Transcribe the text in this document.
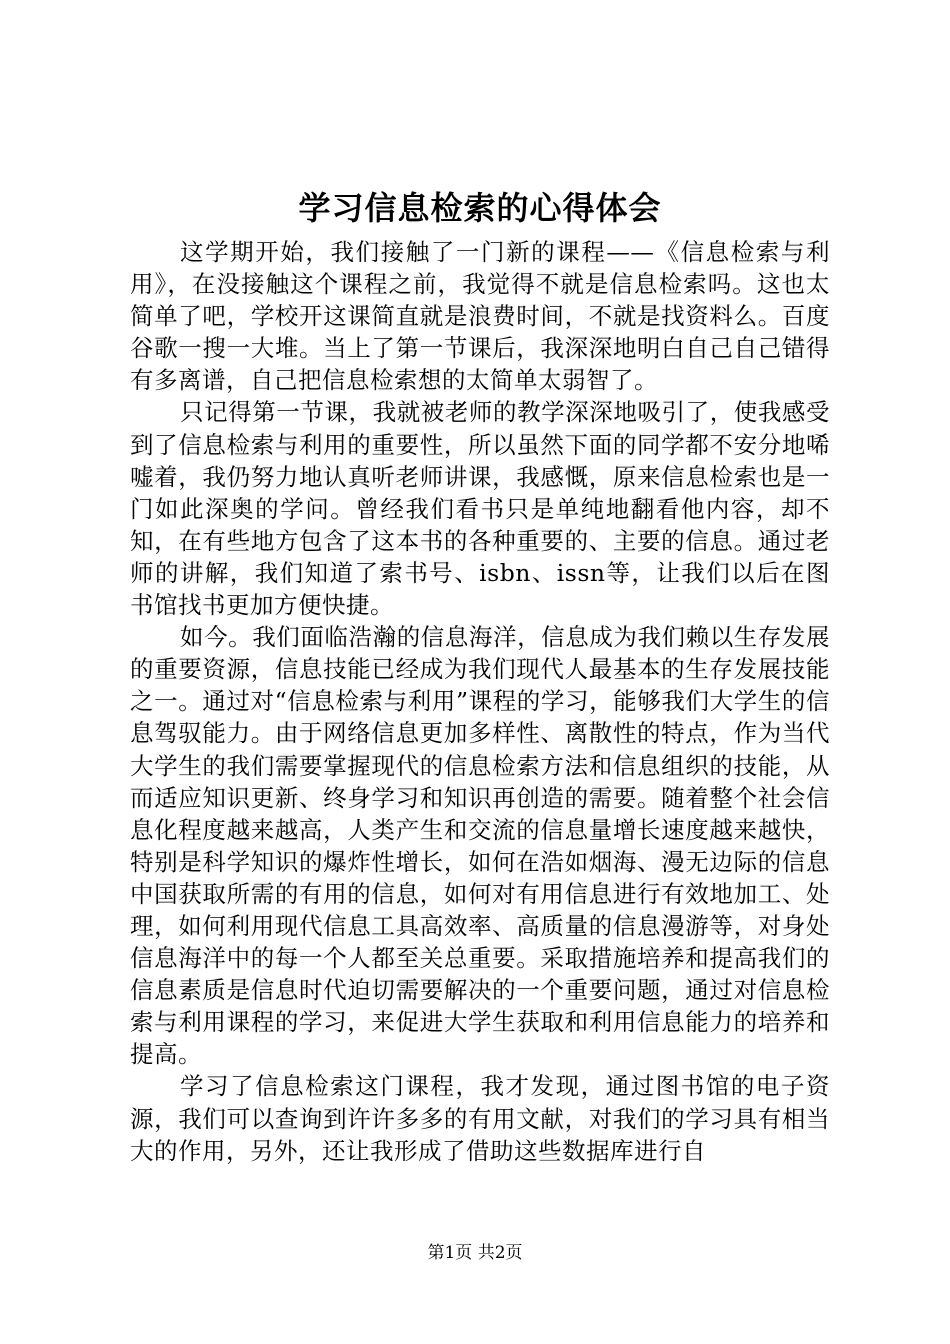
学习信息检索的心得体会

这学期开始，我们接触了一门新的课程——《信息检索与利用》，在没接触这个课程之前，我觉得不就是信息检索吗。这也太简单了吧，学校开这课简直就是浪费时间，不就是找资料么。百度谷歌一搜一大堆。当上了第一节课后，我深深地明白自己自己错得有多离谱，自己把信息检索想的太简单太弱智了。

只记得第一节课，我就被老师的教学深深地吸引了，使我感受到了信息检索与利用的重要性，所以虽然下面的同学都不安分地唏嘘着，我仍努力地认真听老师讲课，我感慨，原来信息检索也是一门如此深奥的学问。曾经我们看书只是单纯地翻看他内容，却不知，在有些地方包含了这本书的各种重要的、主要的信息。通过老师的讲解，我们知道了索书号、isbn、issn等，让我们以后在图书馆找书更加方便快捷。

如今。我们面临浩瀚的信息海洋，信息成为我们赖以生存发展的重要资源，信息技能已经成为我们现代人最基本的生存发展技能之一。通过对“信息检索与利用”课程的学习，能够我们大学生的信息驾驭能力。由于网络信息更加多样性、离散性的特点，作为当代大学生的我们需要掌握现代的信息检索方法和信息组织的技能，从而适应知识更新、终身学习和知识再创造的需要。随着整个社会信息化程度越来越高，人类产生和交流的信息量增长速度越来越快，特别是科学知识的爆炸性增长，如何在浩如烟海、漫无边际的信息中国获取所需的有用的信息，如何对有用信息进行有效地加工、处理，如何利用现代信息工具高效率、高质量的信息漫游等，对身处信息海洋中的每一个人都至关总重要。采取措施培养和提高我们的信息素质是信息时代迫切需要解决的一个重要问题，通过对信息检索与利用课程的学习，来促进大学生获取和利用信息能力的培养和提高。

学习了信息检索这门课程，我才发现，通过图书馆的电子资源，我们可以查询到许许多多的有用文献，对我们的学习具有相当大的作用，另外，还让我形成了借助这些数据库进行自

第1页 共2页
